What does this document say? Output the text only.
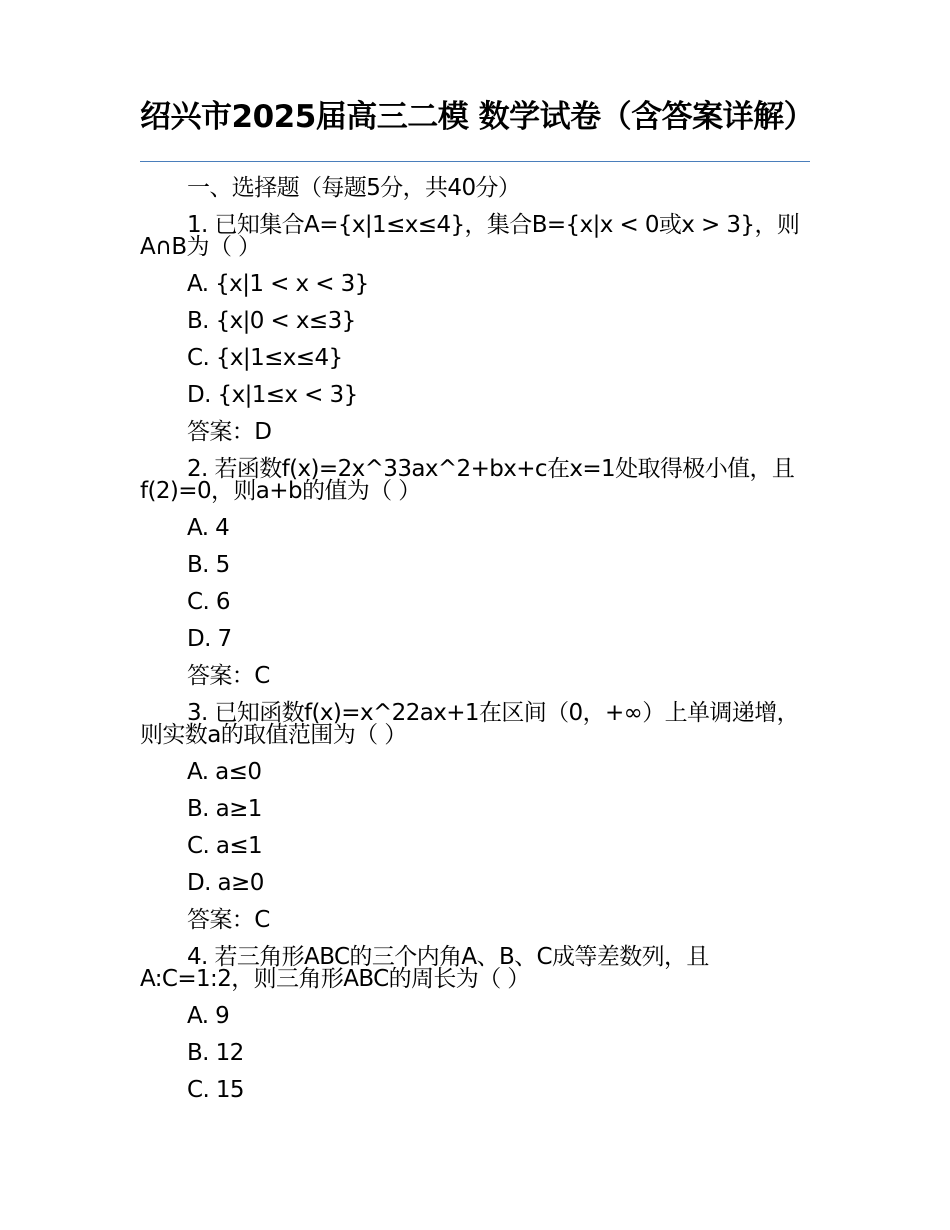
绍兴市2025届高三二模 数学试卷（含答案详解）

一、选择题（每题5分，共40分）

1. 已知集合A={x|1≤x≤4}，集合B={x|x < 0或x > 3}，则A∩B为（ ）

A. {x|1 < x < 3}

B. {x|0 < x≤3}

C. {x|1≤x≤4}

D. {x|1≤x < 3}

答案：D

2. 若函数f(x)=2x^33ax^2+bx+c在x=1处取得极小值，且f(2)=0，则a+b的值为（ ）

A. 4

B. 5

C. 6

D. 7

答案：C

3. 已知函数f(x)=x^22ax+1在区间（0，+∞）上单调递增，则实数a的取值范围为（ ）

A. a≤0

B. a≥1

C. a≤1

D. a≥0

答案：C

4. 若三角形ABC的三个内角A、B、C成等差数列，且A:C=1:2，则三角形ABC的周长为（ ）

A. 9

B. 12

C. 15
